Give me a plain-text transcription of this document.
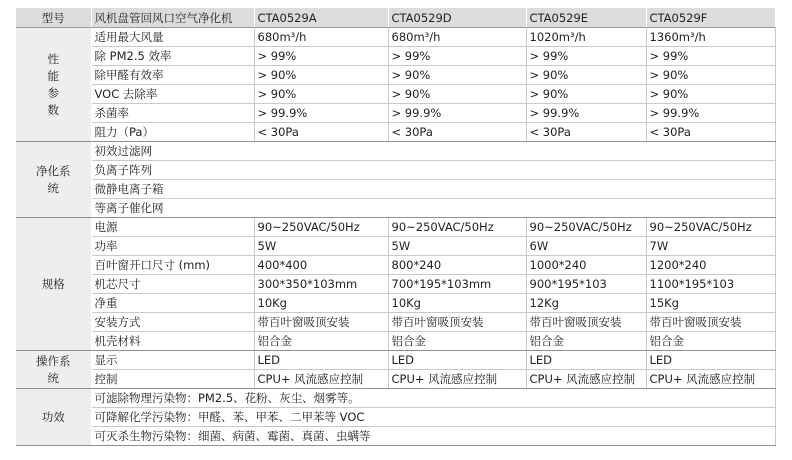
型号	风机盘管回风口空气净化机	CTA0529A	CTA0529D	CTA0529E	CTA0529F

性能参数	适用最大风量	680m³/h	680m³/h	1020m³/h	1360m³/h
	除 PM2.5 效率	> 99%	> 99%	> 99%	> 99%
	除甲醛有效率	> 90%	> 90%	> 90%	> 90%
	VOC 去除率	> 90%	> 90%	> 90%	> 90%
	杀菌率	> 99.9%	> 99.9%	> 99.9%	> 99.9%
	阻力（Pa）	< 30Pa	< 30Pa	< 30Pa	< 30Pa

净化系统	初效过滤网				
	负离子阵列				
	微静电离子箱				
	等离子催化网				

规格	电源	90~250VAC/50Hz	90~250VAC/50Hz	90~250VAC/50Hz	90~250VAC/50Hz
	功率	5W	5W	6W	7W
	百叶窗开口尺寸 (mm)	400*400	800*240	1000*240	1200*240
	机芯尺寸	300*350*103mm	700*195*103mm	900*195*103	1100*195*103
	净重	10Kg	10Kg	12Kg	15Kg
	安装方式	带百叶窗吸顶安装	带百叶窗吸顶安装	带百叶窗吸顶安装	带百叶窗吸顶安装
	机壳材料	铝合金	铝合金	铝合金	铝合金

操作系统	显示	LED	LED	LED	LED
	控制	CPU+ 风流感应控制	CPU+ 风流感应控制	CPU+ 风流感应控制	CPU+ 风流感应控制

功效	可滤除物理污染物：PM2.5、花粉、灰尘、烟雾等。				
	可降解化学污染物：甲醛、苯、甲苯、二甲苯等 VOC				
	可灭杀生物污染物：细菌、病菌、霉菌、真菌、虫螨等				
